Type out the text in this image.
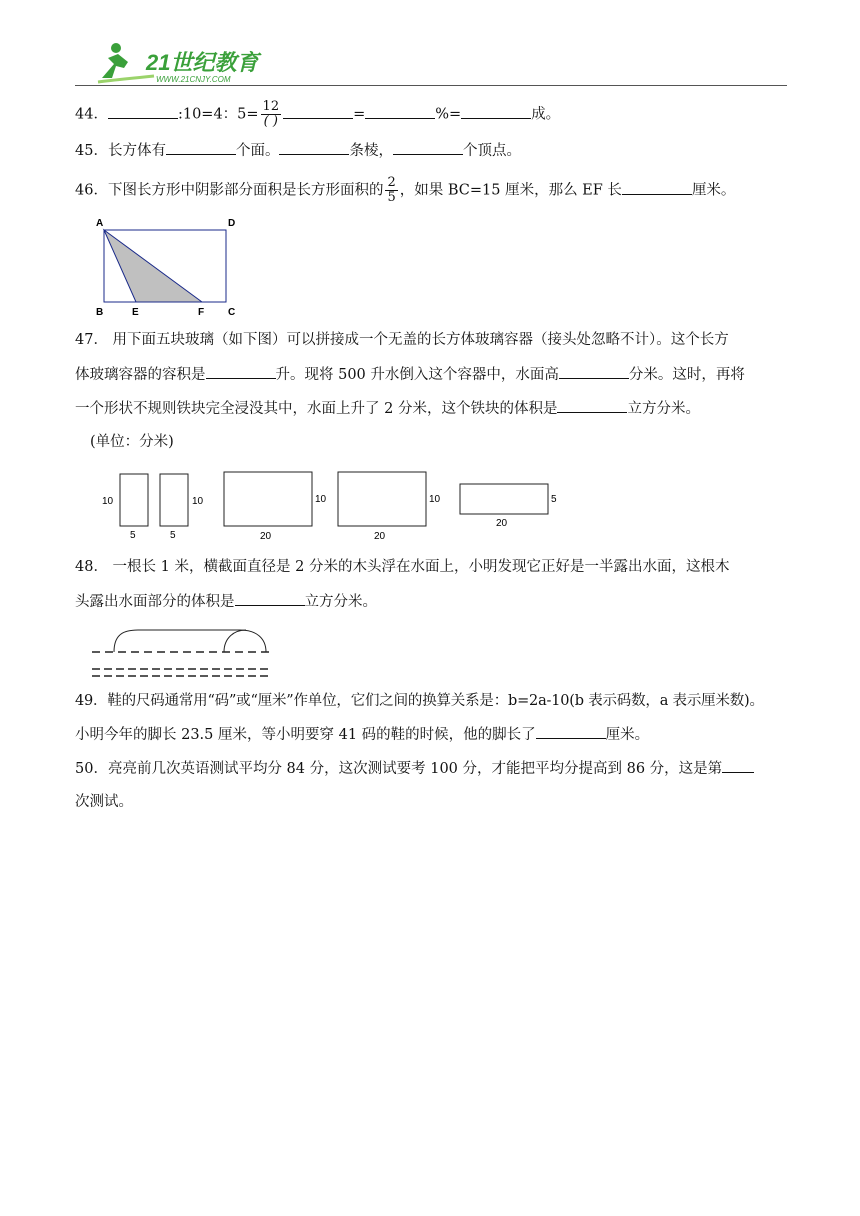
21世纪教育
WWW.21CNJY.COM
44．	:10=4：$5= \frac{12}{( )}$	=	%=	成。
45．长方体有	个面。	条棱，	个顶点。
46．下图长方形中阴影部分面积是长方形面积的 $\frac{2}{5}$ ，如果 BC=15 厘米，那么 EF 长	厘米。
A	D
B	E	F C
47． 用下面五块玻璃（如下图）可以拼接成一个无盖的长方体玻璃容器（接头处忽略不计）。这个长方
体玻璃容器的容积是	升。现将 500 升水倒入这个容器中，水面高	分米。这时，再将
一个形状不规则铁块完全浸没其中，水面上升了 2 分米，这个铁块的体积是	立方分米。
(单位：分米)
10
5
10
5
10
20
10
20
5
20
48． 一根长 1 米，横截面直径是 2 分米的木头浮在水面上，小明发现它正好是一半露出水面，这根木
头露出水面部分的体积是	立方分米。
49．鞋的尺码通常用“码”或“厘米”作单位，它们之间的换算关系是：b=2a-10(b 表示码数，a 表示厘米数)。
小明今年的脚长 23.5 厘米，等小明要穿 41 码的鞋的时候，他的脚长了	厘米。
50．亮亮前几次英语测试平均分 84 分，这次测试要考 100 分，才能把平均分提高到 86 分，这是第
次测试。
